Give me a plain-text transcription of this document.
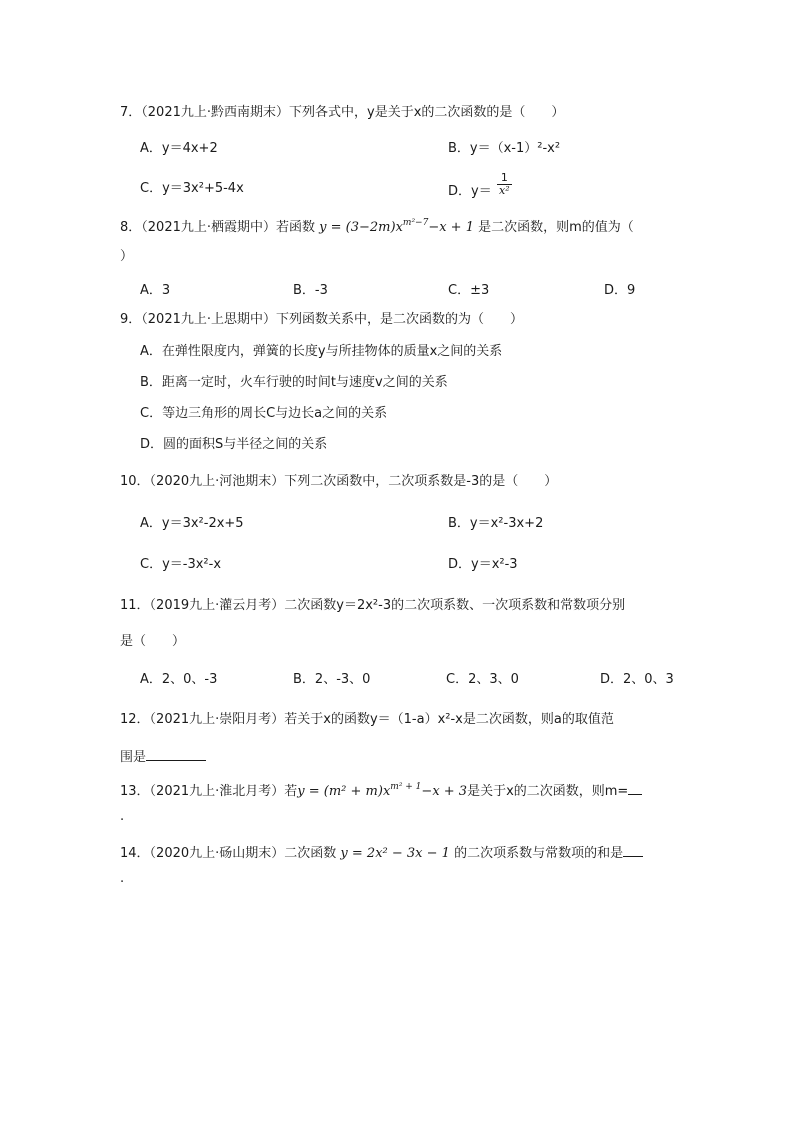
7．（2021九上·黔西南期末）下列各式中，y是关于x的二次函数的是（　　）
A．y＝4x+2	B．y＝（x-1）²-x²
C．y＝3x²+5-4x	D．$y= \frac{1}{\text{x²}}$
8．（2021九上·栖霞期中）若函数 $y = (3-2m)x^{m^2-7}-x + 1$ 是二次函数，则m的值为（
）
A．3	B．-3	C．±3	D．9
9．（2021九上·上思期中）下列函数关系中，是二次函数的为（　　）
A．在弹性限度内，弹簧的长度y与所挂物体的质量x之间的关系
B．距离一定时，火车行驶的时间t与速度v之间的关系
C．等边三角形的周长C与边长a之间的关系
D．圆的面积S与半径之间的关系
10．（2020九上·河池期末）下列二次函数中，二次项系数是-3的是（　　）
A．y＝3x²-2x+5	B．y＝x²-3x+2
C．y＝-3x²-x	D．y＝x²-3
11．（2019九上·灌云月考）二次函数y＝2x²-3的二次项系数、一次项系数和常数项分别
是（　　）
A．2、0、-3	B．2、-3、0	C．2、3、0	D．2、0、3
12．（2021九上·崇阳月考）若关于x的函数y＝（1-a）x²-x是二次函数，则a的取值范
围是
13．（2021九上·淮北月考）若$y = (m^2 + m)x^{m^2 + 1}-x + 3$是关于x的二次函数，则m=
.
14．（2020九上·砀山期末）二次函数 y = 2x² − 3x − 1 的二次项系数与常数项的和是
.
